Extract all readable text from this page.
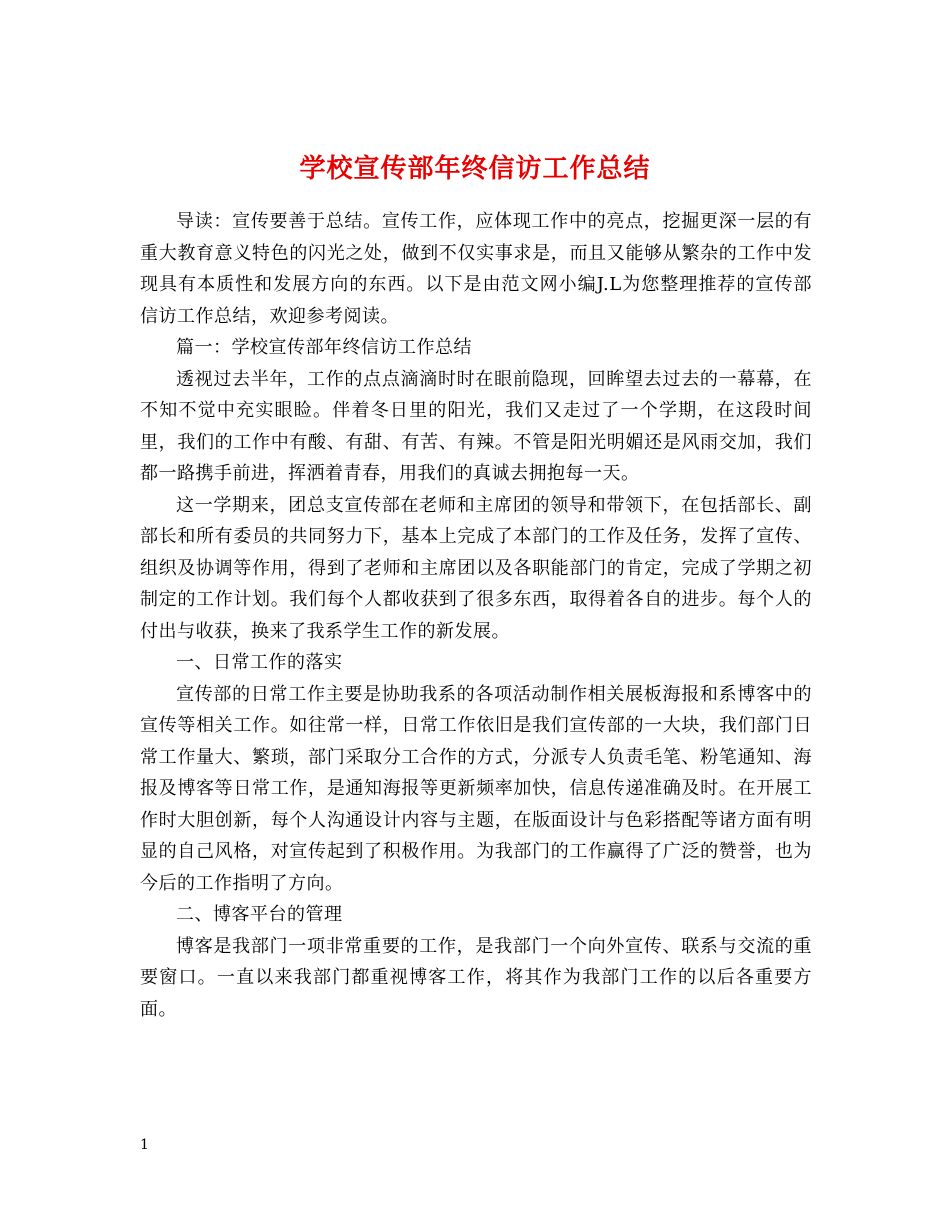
学校宣传部年终信访工作总结

导读：宣传要善于总结。宣传工作，应体现工作中的亮点，挖掘更深一层的有重大教育意义特色的闪光之处，做到不仅实事求是，而且又能够从繁杂的工作中发现具有本质性和发展方向的东西。以下是由范文网小编J.L为您整理推荐的宣传部信访工作总结，欢迎参考阅读。

篇一：学校宣传部年终信访工作总结

透视过去半年，工作的点点滴滴时时在眼前隐现，回眸望去过去的一幕幕，在不知不觉中充实眼睑。伴着冬日里的阳光，我们又走过了一个学期，在这段时间里，我们的工作中有酸、有甜、有苦、有辣。不管是阳光明媚还是风雨交加，我们都一路携手前进，挥洒着青春，用我们的真诚去拥抱每一天。

这一学期来，团总支宣传部在老师和主席团的领导和带领下，在包括部长、副部长和所有委员的共同努力下，基本上完成了本部门的工作及任务，发挥了宣传、组织及协调等作用，得到了老师和主席团以及各职能部门的肯定，完成了学期之初制定的工作计划。我们每个人都收获到了很多东西，取得着各自的进步。每个人的付出与收获，换来了我系学生工作的新发展。

一、日常工作的落实

宣传部的日常工作主要是协助我系的各项活动制作相关展板海报和系博客中的宣传等相关工作。如往常一样，日常工作依旧是我们宣传部的一大块，我们部门日常工作量大、繁琐，部门采取分工合作的方式，分派专人负责毛笔、粉笔通知、海报及博客等日常工作，是通知海报等更新频率加快，信息传递准确及时。在开展工作时大胆创新，每个人沟通设计内容与主题，在版面设计与色彩搭配等诸方面有明显的自己风格，对宣传起到了积极作用。为我部门的工作赢得了广泛的赞誉，也为今后的工作指明了方向。

二、博客平台的管理

博客是我部门一项非常重要的工作，是我部门一个向外宣传、联系与交流的重要窗口。一直以来我部门都重视博客工作，将其作为我部门工作的以后各重要方面。

1
